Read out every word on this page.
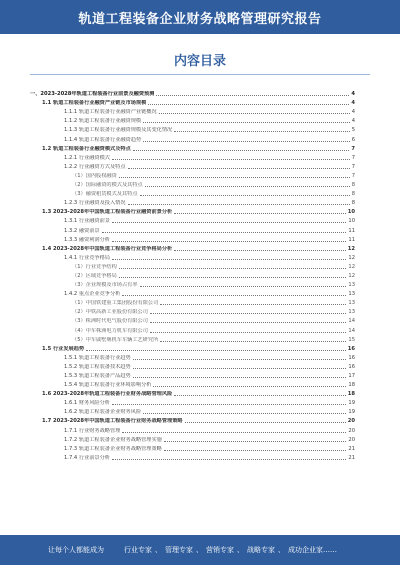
轨道工程装备企业财务战略管理研究报告
内容目录
一、2023-2028年轨道工程装备行业前景及融资预测	4
1.1 轨道工程装备行业融资产业链及市场规模	4
1.1.1 轨道工程装备行业融资产业链概况	4
1.1.2 轨道工程装备行业融资规模	4
1.1.3 轨道工程装备行业融资规模及其变化情况	5
1.1.4 轨道工程装备行业融资趋势	6
1.2 轨道工程装备行业融资模式及特点	7
1.2.1 行业融资模式	7
1.2.2 行业融资方式及特点	7
（1）国内股权融资	7
（2）国际融资的模式及其特点	8
（3）融资租赁模式及其特点	8
1.2.3 行业融资及投入情况	8
1.3 2023-2028年中国轨道工程装备行业融资前景分析	10
1.3.1 行业融资前景	10
1.3.2 融资前景	11
1.3.3 融资利润分析	11
1.4 2023-2028年中国轨道工程装备行业竞争格局分析	12
1.4.1 行业竞争格局	12
（1）行业竞争结构	12
（2）区域竞争格局	12
（3）企业规模及市场占有率	13
1.4.2 重点企业竞争分析	13
（1）中国铁建重工集团股份有限公司	13
（2）中铁高新工业股份有限公司	13
（3）株洲时代电气股份有限公司	14
（4）中车株洲电力机车有限公司	14
（5）中车戚墅堰机车车辆工艺研究所	15
1.5 行业发展趋势	16
1.5.1 轨道工程装备行业趋势	16
1.5.2 轨道工程装备技术趋势	16
1.5.3 轨道工程装备产品趋势	17
1.5.4 轨道工程装备行业环境影响分析	18
1.6 2023-2028年轨道工程装备行业财务战略管理风险	18
1.6.1 财务风险分析	19
1.6.2 轨道工程装备企业财务风险	19
1.7 2023-2028年中国轨道工程装备行业财务战略管理策略	20
1.7.1 行业财务战略管理	20
1.7.2 轨道工程装备企业财务战略管理实施	20
1.7.3 轨道工程装备企业财务战略管理策略	21
1.7.4 行业前景分析	21
让每个人都能成为	行业专家 、 管理专家 、 营销专家 、 战略专家 、 成功企业家……
